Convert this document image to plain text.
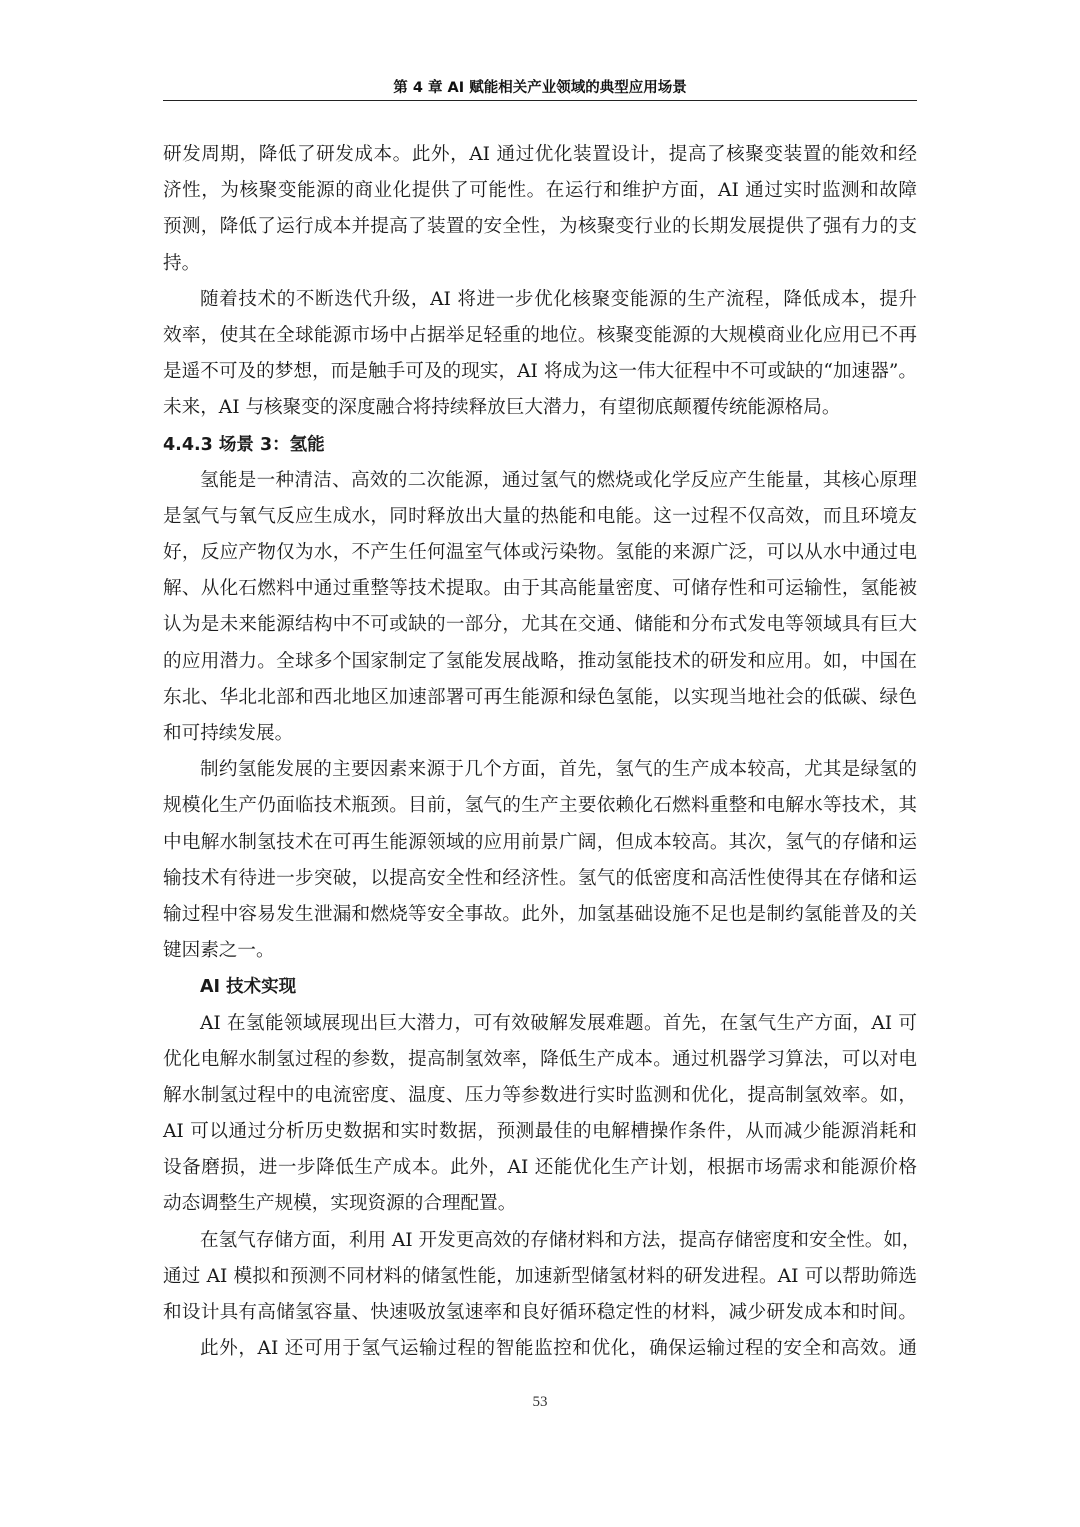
第 4 章 AI 赋能相关产业领域的典型应用场景
研发周期，降低了研发成本。此外，AI 通过优化装置设计，提高了核聚变装置的能效和经
济性，为核聚变能源的商业化提供了可能性。在运行和维护方面，AI 通过实时监测和故障
预测，降低了运行成本并提高了装置的安全性，为核聚变行业的长期发展提供了强有力的支
持。
随着技术的不断迭代升级，AI 将进一步优化核聚变能源的生产流程，降低成本，提升
效率，使其在全球能源市场中占据举足轻重的地位。核聚变能源的大规模商业化应用已不再
是遥不可及的梦想，而是触手可及的现实，AI 将成为这一伟大征程中不可或缺的“加速器”。
未来，AI 与核聚变的深度融合将持续释放巨大潜力，有望彻底颠覆传统能源格局。
4.4.3 场景 3：氢能
氢能是一种清洁、高效的二次能源，通过氢气的燃烧或化学反应产生能量，其核心原理
是氢气与氧气反应生成水，同时释放出大量的热能和电能。这一过程不仅高效，而且环境友
好，反应产物仅为水，不产生任何温室气体或污染物。氢能的来源广泛，可以从水中通过电
解、从化石燃料中通过重整等技术提取。由于其高能量密度、可储存性和可运输性，氢能被
认为是未来能源结构中不可或缺的一部分，尤其在交通、储能和分布式发电等领域具有巨大
的应用潜力。全球多个国家制定了氢能发展战略，推动氢能技术的研发和应用。如，中国在
东北、华北北部和西北地区加速部署可再生能源和绿色氢能，以实现当地社会的低碳、绿色
和可持续发展。
制约氢能发展的主要因素来源于几个方面，首先，氢气的生产成本较高，尤其是绿氢的
规模化生产仍面临技术瓶颈。目前，氢气的生产主要依赖化石燃料重整和电解水等技术，其
中电解水制氢技术在可再生能源领域的应用前景广阔，但成本较高。其次，氢气的存储和运
输技术有待进一步突破，以提高安全性和经济性。氢气的低密度和高活性使得其在存储和运
输过程中容易发生泄漏和燃烧等安全事故。此外，加氢基础设施不足也是制约氢能普及的关
键因素之一。
AI 技术实现
AI 在氢能领域展现出巨大潜力，可有效破解发展难题。首先，在氢气生产方面，AI 可
优化电解水制氢过程的参数，提高制氢效率，降低生产成本。通过机器学习算法，可以对电
解水制氢过程中的电流密度、温度、压力等参数进行实时监测和优化，提高制氢效率。如，
AI 可以通过分析历史数据和实时数据，预测最佳的电解槽操作条件，从而减少能源消耗和
设备磨损，进一步降低生产成本。此外，AI 还能优化生产计划，根据市场需求和能源价格
动态调整生产规模，实现资源的合理配置。
在氢气存储方面，利用 AI 开发更高效的存储材料和方法，提高存储密度和安全性。如，
通过 AI 模拟和预测不同材料的储氢性能，加速新型储氢材料的研发进程。AI 可以帮助筛选
和设计具有高储氢容量、快速吸放氢速率和良好循环稳定性的材料，减少研发成本和时间。
此外，AI 还可用于氢气运输过程的智能监控和优化，确保运输过程的安全和高效。通
53
